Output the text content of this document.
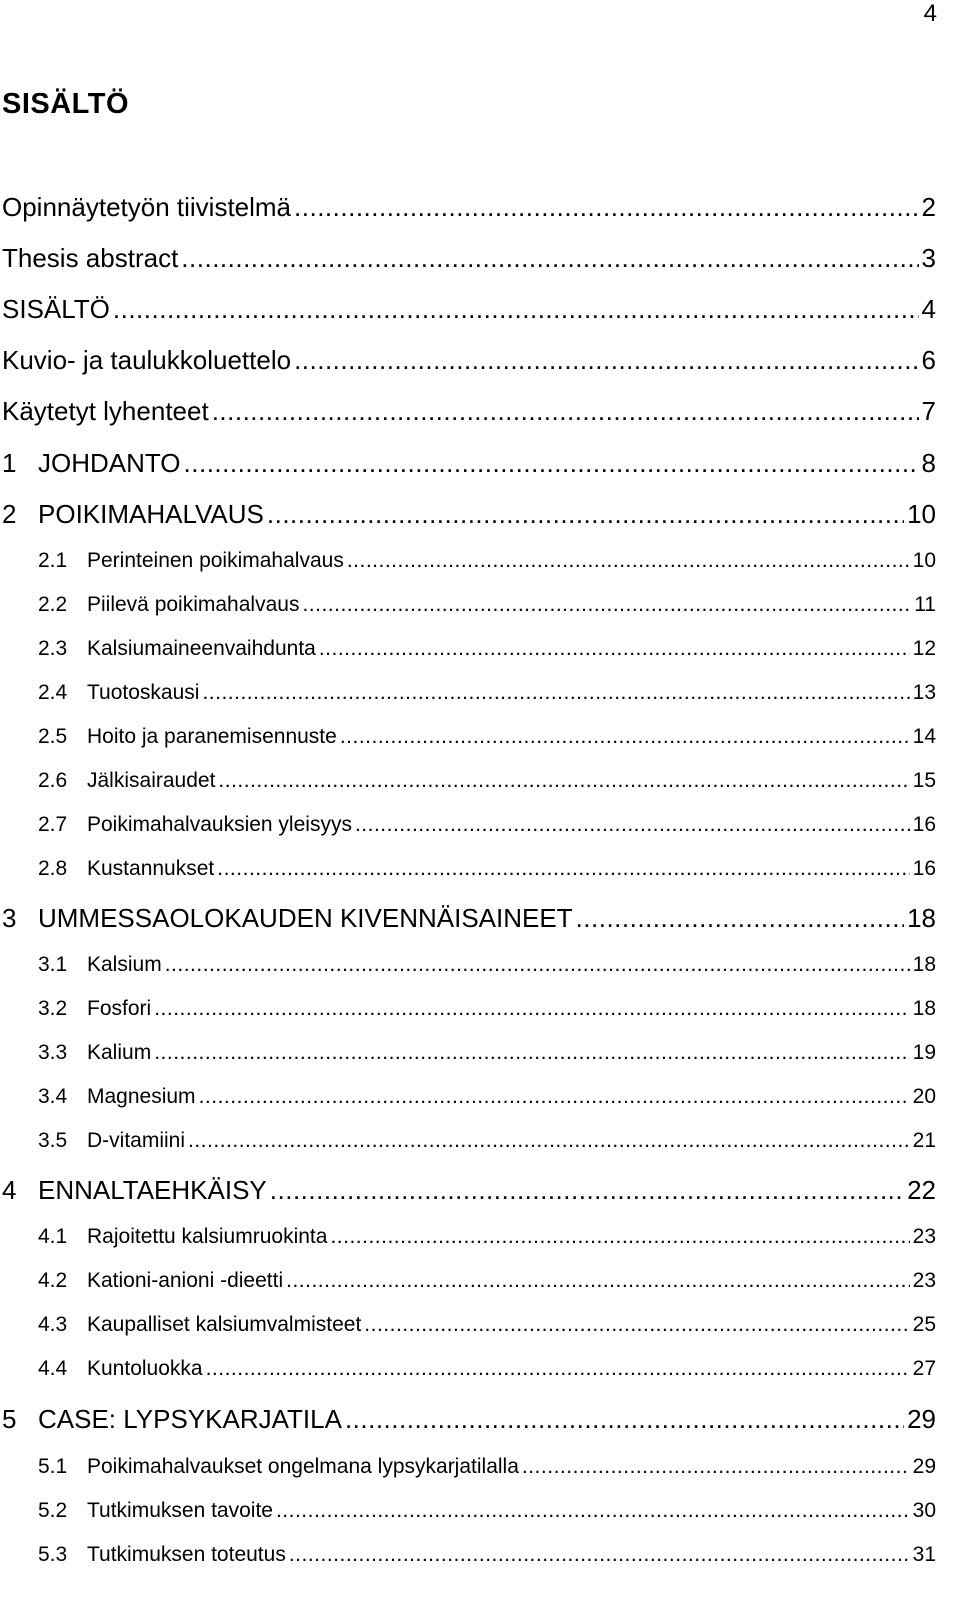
4
SISÄLTÖ
Opinnäytetyön tiivistelmä .....	2
Thesis abstract .....	3
SISÄLTÖ .....	4
Kuvio- ja taulukkoluettelo .....	6
Käytetyt lyhenteet .....	7
1 JOHDANTO .....	8
2 POIKIMAHALVAUS .....	10
2.1 Perinteinen poikimahalvaus .....	10
2.2 Piilevä poikimahalvaus .....	11
2.3 Kalsiumaineenvaihdunta .....	12
2.4 Tuotoskausi .....	13
2.5 Hoito ja paranemisennuste .....	14
2.6 Jälkisairaudet .....	15
2.7 Poikimahalvauksien yleisyys .....	16
2.8 Kustannukset .....	16
3 UMMESSAOLOKAUDEN KIVENNÄISAINEET .....	18
3.1 Kalsium .....	18
3.2 Fosfori .....	18
3.3 Kalium .....	19
3.4 Magnesium .....	20
3.5 D-vitamiini .....	21
4 ENNALTAEHKÄISY .....	22
4.1 Rajoitettu kalsiumruokinta .....	23
4.2 Kationi-anioni -dieetti .....	23
4.3 Kaupalliset kalsiumvalmisteet .....	25
4.4 Kuntoluokka .....	27
5 CASE: LYPSYKARJATILA .....	29
5.1 Poikimahalvaukset ongelmana lypsykarjatilalla .....	29
5.2 Tutkimuksen tavoite .....	30
5.3 Tutkimuksen toteutus .....	31
